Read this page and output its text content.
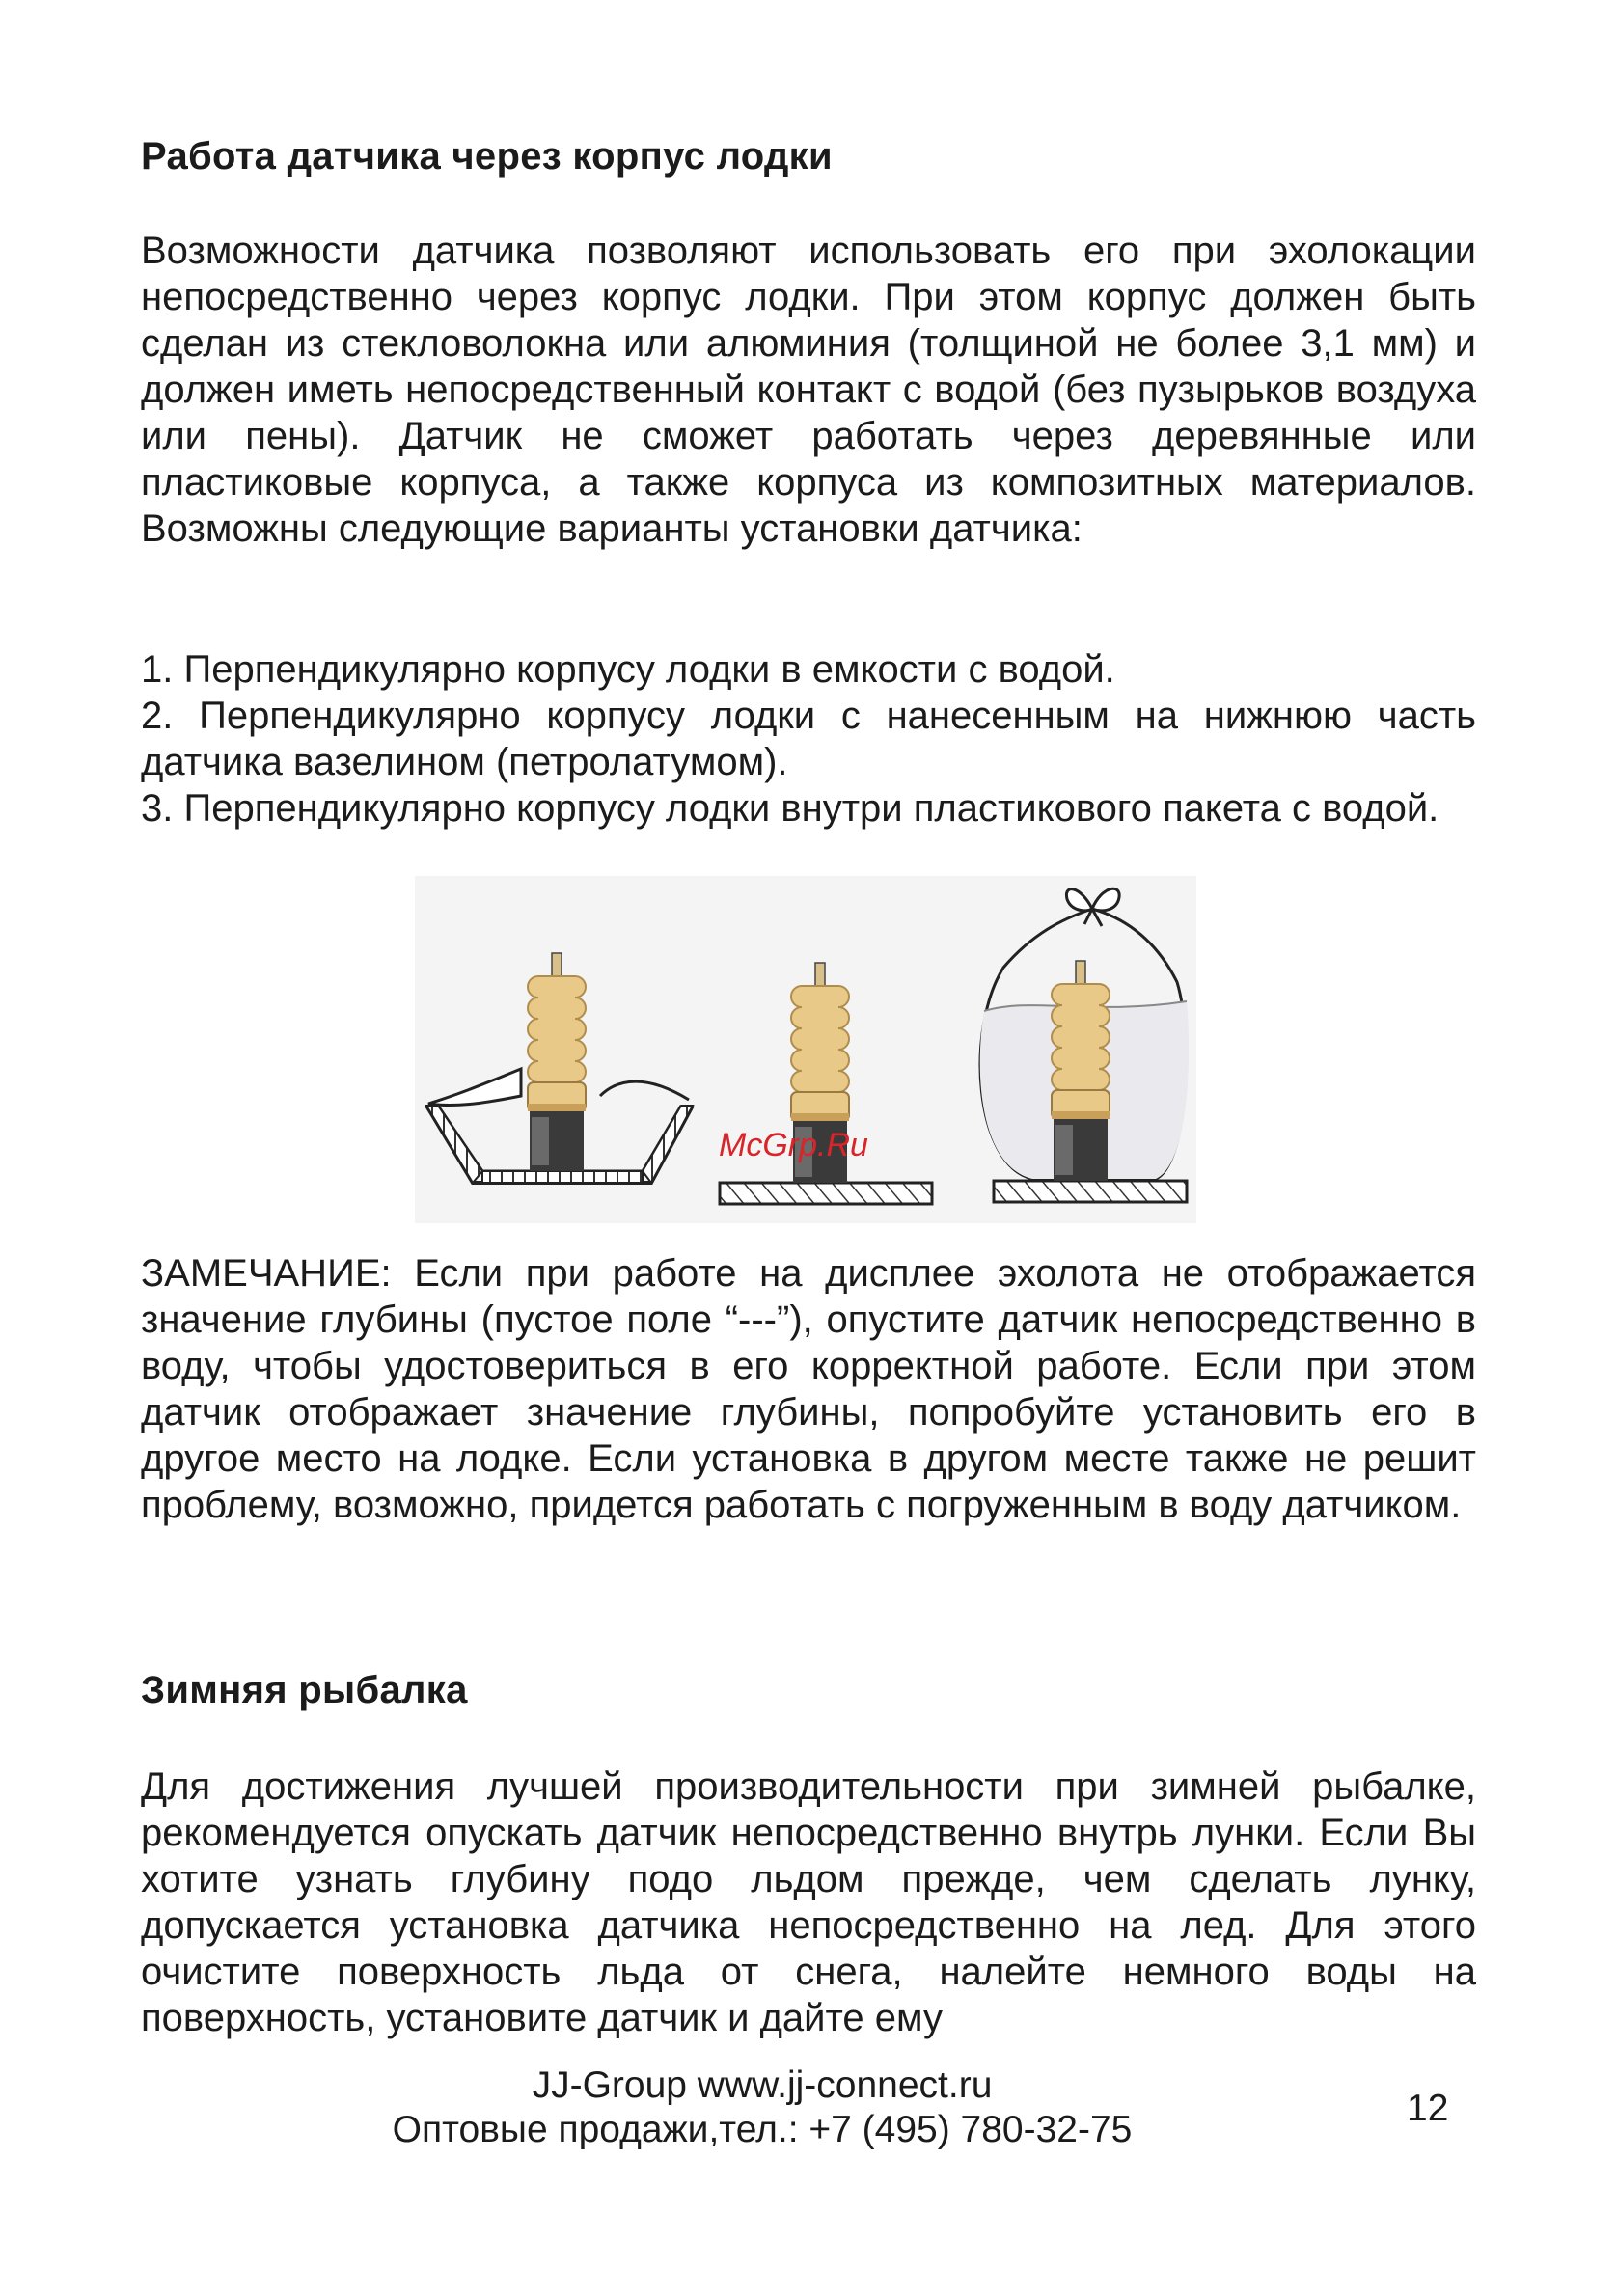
Работа датчика через корпус лодки

Возможности датчика позволяют использовать его при эхолокации непосредственно через корпус лодки. При этом корпус должен быть сделан из стекловолокна или алюминия (толщиной не более 3,1 мм) и должен иметь непосредственный контакт с водой (без пузырьков воздуха или пены). Датчик не сможет работать через деревянные или пластиковые корпуса, а также корпуса из композитных материалов. Возможны следующие варианты установки датчика:

1. Перпендикулярно корпусу лодки в емкости с водой.

2. Перпендикулярно корпусу лодки с нанесенным на нижнюю часть датчика вазелином (петролатумом).

3. Перпендикулярно корпусу лодки внутри пластикового пакета с водой.

McGrp.Ru

ЗАМЕЧАНИЕ: Если при работе на дисплее эхолота не отображается значение глубины (пустое поле “---”), опустите датчик непосредственно в воду, чтобы удостовериться в его корректной работе. Если при этом датчик отображает значение глубины, попробуйте установить его в другое место на лодке. Если установка в другом месте также не решит проблему, возможно, придется работать с погруженным в воду датчиком.

Зимняя рыбалка

Для достижения лучшей производительности при зимней рыбалке, рекомендуется опускать датчик непосредственно внутрь лунки. Если Вы хотите узнать глубину подо льдом прежде, чем сделать лунку, допускается установка датчика непосредственно на лед. Для этого очистите поверхность льда от снега, налейте немного воды на поверхность, установите датчик и дайте ему

JJ-Group www.jj-connect.ru

Оптовые продажи,тел.: +7 (495) 780-32-75

12
